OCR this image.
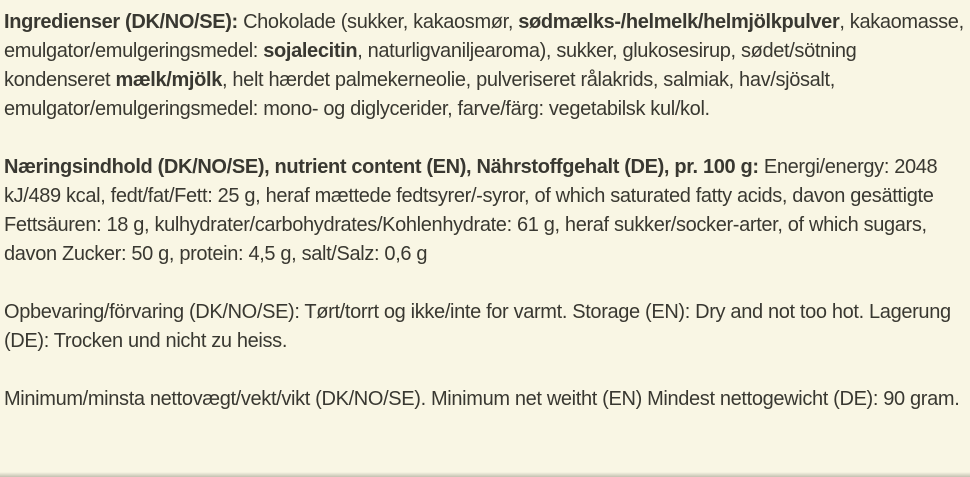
Ingredienser (DK/NO/SE): Chokolade (sukker, kakaosmør, sødmælks-/helmelk/helmjölkpulver, kakaomasse, emulgator/emulgeringsmedel: sojalecitin, naturligvaniljearoma), sukker, glukosesirup, sødet/sötning kondenseret mælk/mjölk, helt hærdet palmekerneolie, pulveriseret rålakrids, salmiak, hav/sjösalt, emulgator/emulgeringsmedel: mono- og diglycerider, farve/färg: vegetabilsk kul/kol.

Næringsindhold (DK/NO/SE), nutrient content (EN), Nährstoffgehalt (DE), pr. 100 g: Energi/energy: 2048 kJ/489 kcal, fedt/fat/Fett: 25 g, heraf mættede fedtsyrer/-syror, of which saturated fatty acids, davon gesättigte Fettsäuren: 18 g, kulhydrater/carbohydrates/Kohlenhydrate: 61 g, heraf sukker/socker-arter, of which sugars, davon Zucker: 50 g, protein: 4,5 g, salt/Salz: 0,6 g

Opbevaring/förvaring (DK/NO/SE): Tørt/torrt og ikke/inte for varmt. Storage (EN): Dry and not too hot. Lagerung (DE): Trocken und nicht zu heiss.

Minimum/minsta nettovægt/vekt/vikt (DK/NO/SE). Minimum net weitht (EN) Mindest nettogewicht (DE): 90 gram.
